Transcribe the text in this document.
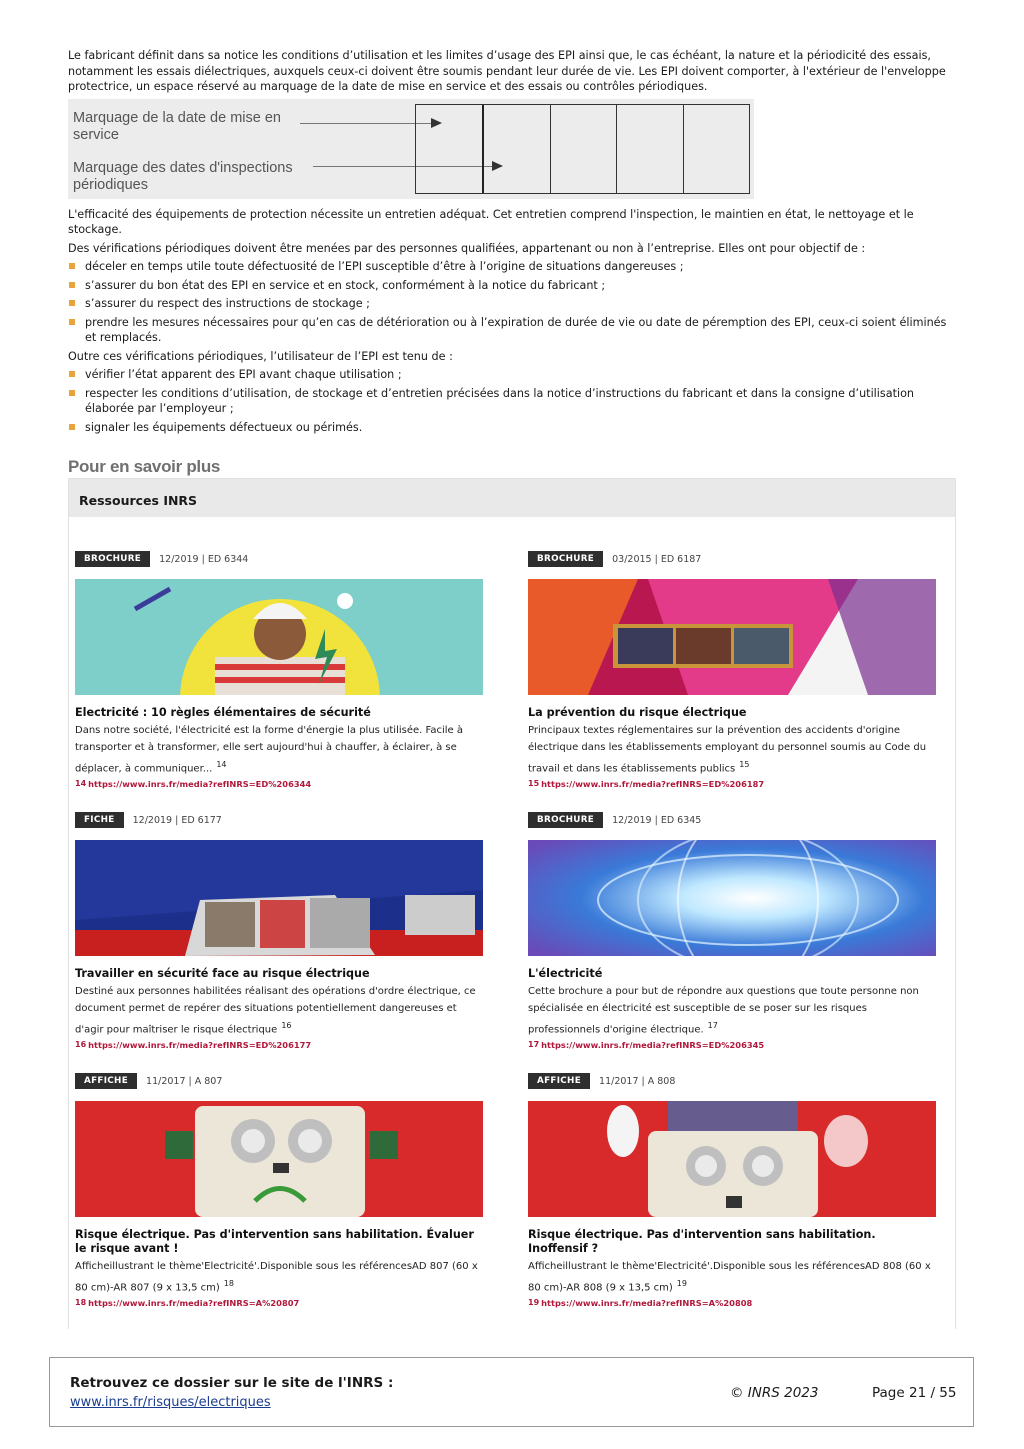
Le fabricant définit dans sa notice les conditions d’utilisation et les limites d’usage des EPI ainsi que, le cas échéant, la nature et la périodicité des essais, notamment les essais diélectriques, auxquels ceux-ci doivent être soumis pendant leur durée de vie. Les EPI doivent comporter, à l'extérieur de l'enveloppe protectrice, un espace réservé au marquage de la date de mise en service et des essais ou contrôles périodiques.

Marquage de la date de mise en service
Marquage des dates d'inspections périodiques

L'efficacité des équipements de protection nécessite un entretien adéquat. Cet entretien comprend l'inspection, le maintien en état, le nettoyage et le stockage.

Des vérifications périodiques doivent être menées par des personnes qualifiées, appartenant ou non à l’entreprise. Elles ont pour objectif de :

déceler en temps utile toute défectuosité de l’EPI susceptible d’être à l’origine de situations dangereuses ;
s’assurer du bon état des EPI en service et en stock, conformément à la notice du fabricant ;
s’assurer du respect des instructions de stockage ;
prendre les mesures nécessaires pour qu’en cas de détérioration ou à l’expiration de durée de vie ou date de péremption des EPI, ceux-ci soient éliminés et remplacés.

Outre ces vérifications périodiques, l’utilisateur de l’EPI est tenu de :

vérifier l’état apparent des EPI avant chaque utilisation ;
respecter les conditions d’utilisation, de stockage et d’entretien précisées dans la notice d’instructions du fabricant et dans la consigne d’utilisation élaborée par l’employeur ;
signaler les équipements défectueux ou périmés.
Pour en savoir plus
Ressources INRS
BROCHURE	12/2019 | ED 6344
Electricité : 10 règles élémentaires de sécurité
Dans notre société, l'électricité est la forme d'énergie la plus utilisée. Facile à transporter et à transformer, elle sert aujourd'hui à chauffer, à éclairer, à se déplacer, à communiquer... $^{14}$
14 https://www.inrs.fr/media?refINRS=ED%206344
BROCHURE	03/2015 | ED 6187
La prévention du risque électrique
Principaux textes réglementaires sur la prévention des accidents d'origine électrique dans les établissements employant du personnel soumis au Code du travail et dans les établissements publics $^{15}$
15 https://www.inrs.fr/media?refINRS=ED%206187
FICHE	12/2019 | ED 6177
Travailler en sécurité face au risque électrique
Destiné aux personnes habilitées réalisant des opérations d'ordre électrique, ce document permet de repérer des situations potentiellement dangereuses et d'agir pour maîtriser le risque électrique $^{16}$
16 https://www.inrs.fr/media?refINRS=ED%206177
BROCHURE	12/2019 | ED 6345
L'électricité
Cette brochure a pour but de répondre aux questions que toute personne non spécialisée en électricité est susceptible de se poser sur les risques professionnels d'origine électrique. $^{17}$
17 https://www.inrs.fr/media?refINRS=ED%206345
AFFICHE	11/2017 | A 807
Risque électrique. Pas d'intervention sans habilitation. Évaluer le risque avant !
Afficheillustrant le thème'Electricité'.Disponible sous les référencesAD 807 (60 x 80 cm)-AR 807 (9 x 13,5 cm) $^{18}$
18 https://www.inrs.fr/media?refINRS=A%20807
AFFICHE	11/2017 | A 808
Risque électrique. Pas d'intervention sans habilitation. Inoffensif ?
Afficheillustrant le thème'Electricité'.Disponible sous les référencesAD 808 (60 x 80 cm)-AR 808 (9 x 13,5 cm) $^{19}$
19 https://www.inrs.fr/media?refINRS=A%20808
Retrouvez ce dossier sur le site de l'INRS :
www.inrs.fr/risques/electriques
© INRS 2023	Page 21 / 55
